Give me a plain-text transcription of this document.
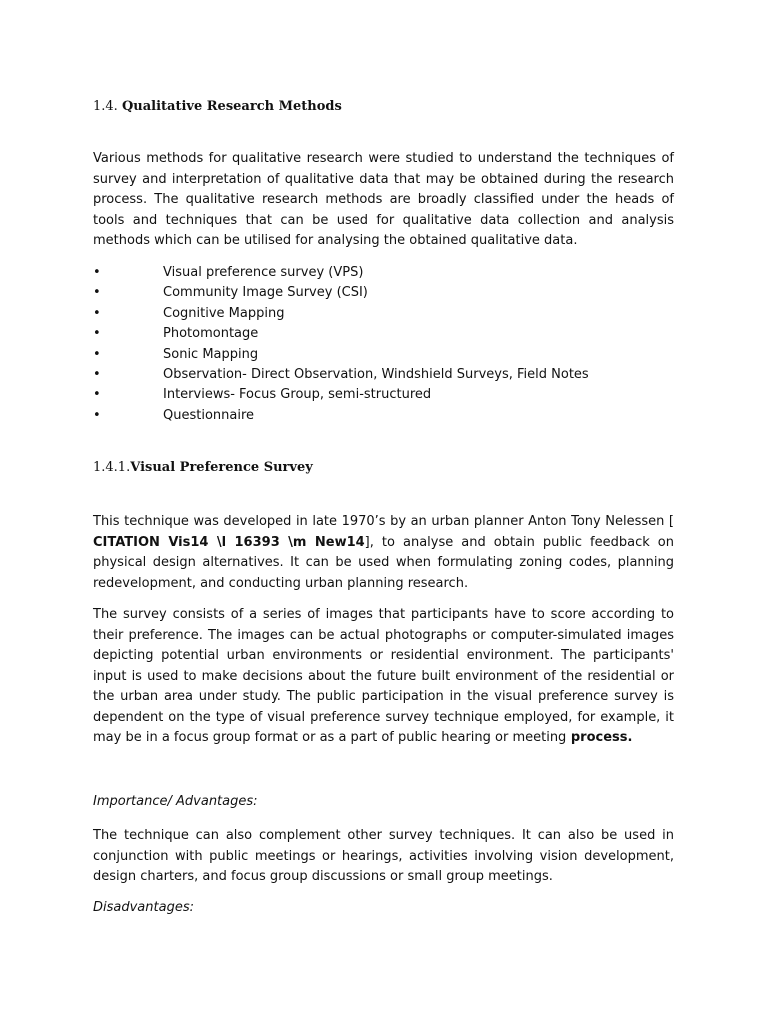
1.4. Qualitative Research Methods

Various methods for qualitative research were studied to understand the techniques of survey and interpretation of qualitative data that may be obtained during the research process. The qualitative research methods are broadly classified under the heads of tools and techniques that can be used for qualitative data collection and analysis methods which can be utilised for analysing the obtained qualitative data.

•	Visual preference survey (VPS)
•	Community Image Survey (CSI)
•	Cognitive Mapping
•	Photomontage
•	Sonic Mapping
•	Observation- Direct Observation, Windshield Surveys, Field Notes
•	Interviews- Focus Group, semi-structured
•	Questionnaire
1.4.1.Visual Preference Survey

This technique was developed in late 1970’s by an urban planner Anton Tony Nelessen [ CITATION Vis14 \l 16393 \m New14], to analyse and obtain public feedback on physical design alternatives. It can be used when formulating zoning codes, planning redevelopment, and conducting urban planning research.

The survey consists of a series of images that participants have to score according to their preference. The images can be actual photographs or computer-simulated images depicting potential urban environments or residential environment. The participants' input is used to make decisions about the future built environment of the residential or the urban area under study. The public participation in the visual preference survey is dependent on the type of visual preference survey technique employed, for example, it may be in a focus group format or as a part of public hearing or meeting process.

Importance/ Advantages:

The technique can also complement other survey techniques. It can also be used in conjunction with public meetings or hearings, activities involving vision development, design charters, and focus group discussions or small group meetings.

Disadvantages:
